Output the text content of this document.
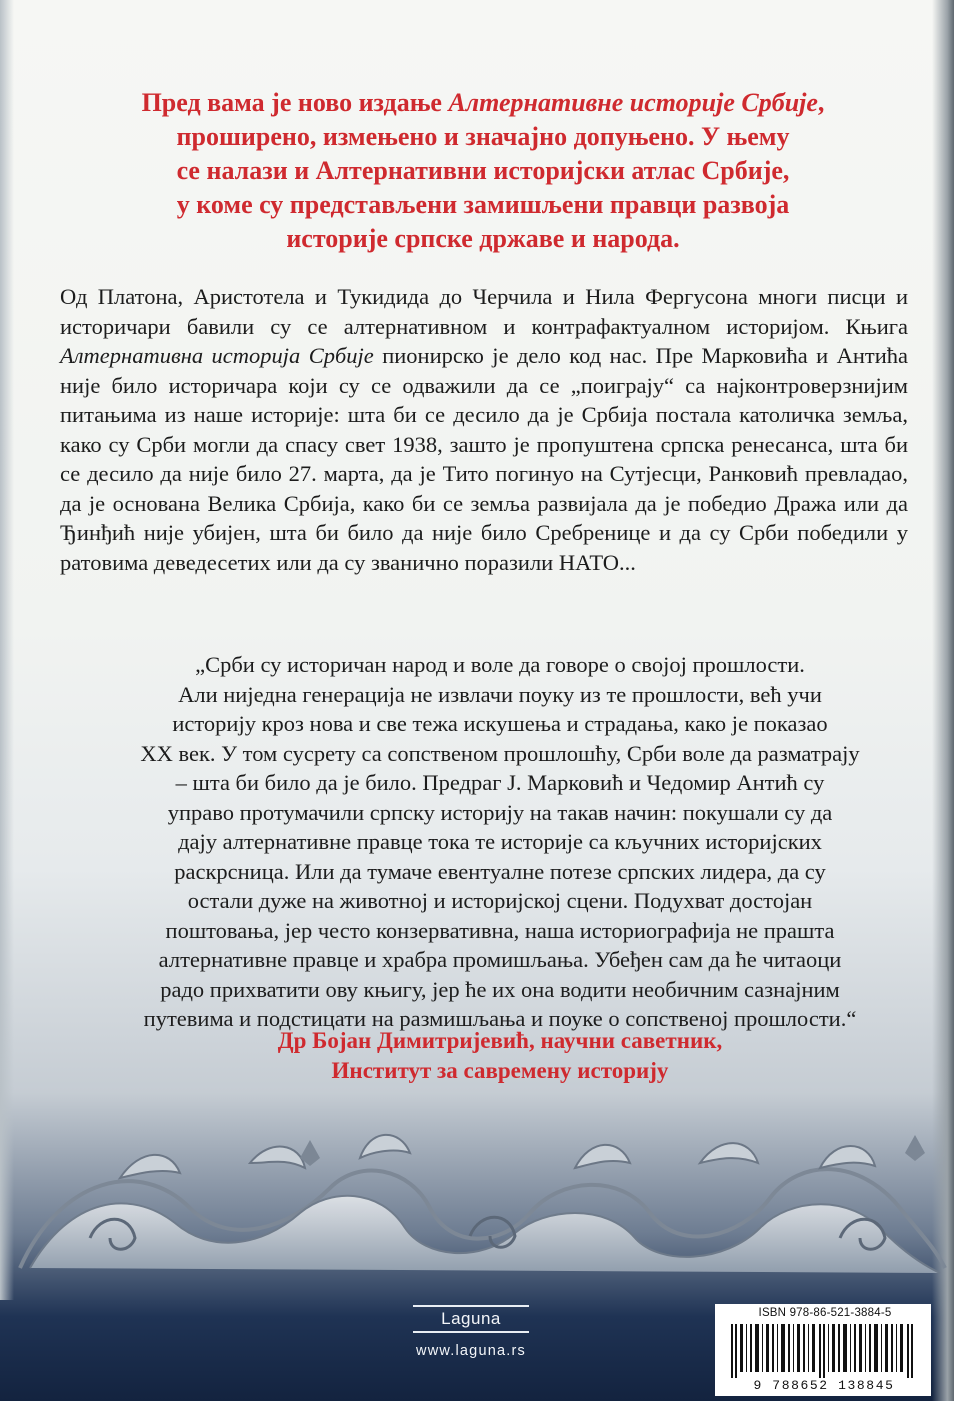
Пред вама је ново издање Алтернативне историје Србије,
проширено, измењено и значајно допуњено. У њему
се налази и Алтернативни историјски атлас Србије,
у коме су представљени замишљени правци развоја
историје српске државе и народа.
Од Платона, Аристотела и Тукидида до Черчила и Нила Фергусона многи писци и историчари бавили су се алтернативном и контрафактуалном историјом. Књига Алтернативна историја Србије пионирско је дело код нас. Пре Марковића и Антића није било историчара који су се одважили да се „поиграју“ са најконтроверзнијим питањима из наше историје: шта би се десило да је Србија постала католичка земља, како су Срби могли да спасу свет 1938, зашто је пропуштена српска ренесанса, шта би се десило да није било 27. марта, да је Тито погинуо на Сутјесци, Ранковић превладао, да је основана Велика Србија, како би се земља развијала да је победио Дража или да Ђинђић није убијен, шта би било да није било Сребренице и да су Срби победили у ратовима деведесетих или да су званично поразили НАТО...
„Срби су историчан народ и воле да говоре о својој прошлости.
Али ниједна генерација не извлачи поуку из те прошлости, већ учи
историју кроз нова и све тежа искушења и страдања, како је показао
XX век. У том сусрету са сопственом прошлошћу, Срби воле да разматрају
– шта би било да је било. Предраг Ј. Марковић и Чедомир Антић су
управо протумачили српску историју на такав начин: покушали су да
дају алтернативне правце тока те историје са кључних историјских
раскрсница. Или да тумаче евентуалне потезе српских лидера, да су
остали дуже на животној и историјској сцени. Подухват достојан
поштовања, јер често конзервативна, наша историографија не прашта
алтернативне правце и храбра промишљања. Убеђен сам да ће читаоци
радо прихватити ову књигу, јер ће их она водити необичним сазнајним
путевима и подстицати на размишљања и поуке о сопственој прошлости.“
Др Бојан Димитријевић, научни саветник,
Институт за савремену историју
Laguna
www.laguna.rs
ISBN 978-86-521-3884-5
9 788652 138845
